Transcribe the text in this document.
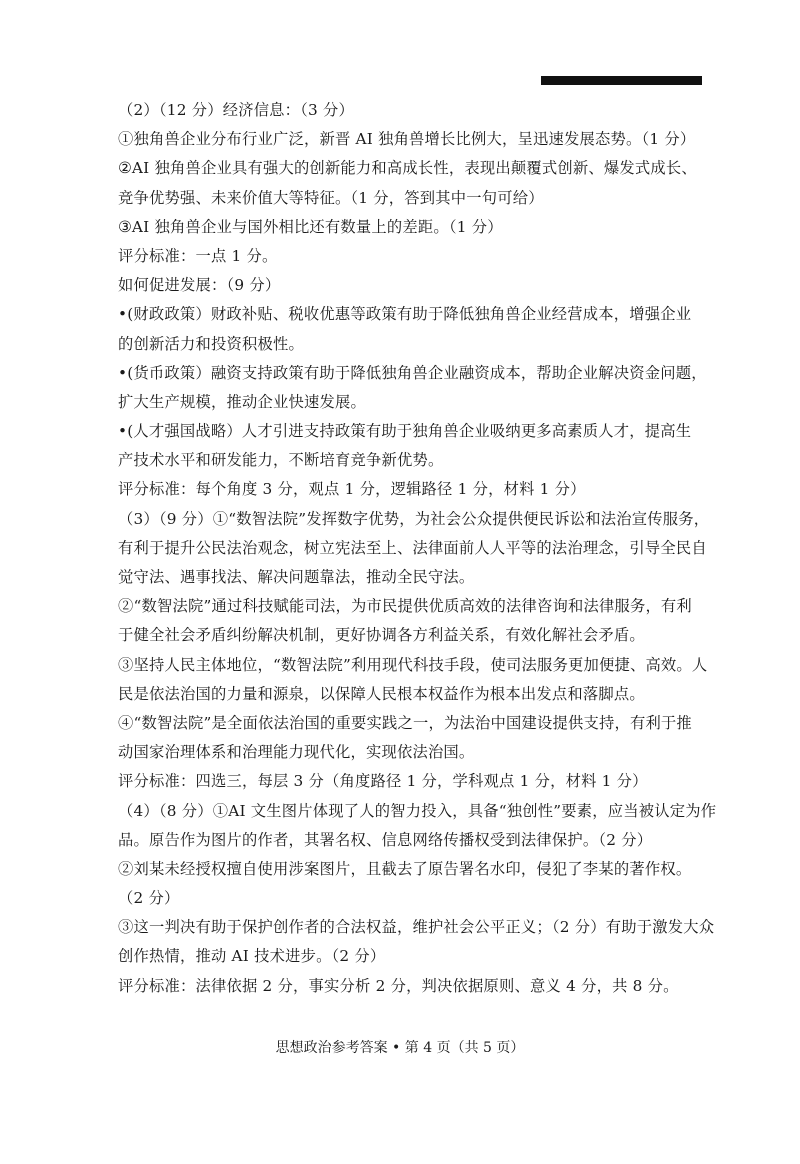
（2）（12 分）经济信息：（3 分）
①独角兽企业分布行业广泛，新晋 AI 独角兽增长比例大，呈迅速发展态势。（1 分）
②AI 独角兽企业具有强大的创新能力和高成长性，表现出颠覆式创新、爆发式成长、
竞争优势强、未来价值大等特征。（1 分，答到其中一句可给）
③AI 独角兽企业与国外相比还有数量上的差距。（1 分）
评分标准：一点 1 分。
如何促进发展：（9 分）
•(财政政策）财政补贴、税收优惠等政策有助于降低独角兽企业经营成本，增强企业
的创新活力和投资积极性。
•(货币政策）融资支持政策有助于降低独角兽企业融资成本，帮助企业解决资金问题，
扩大生产规模，推动企业快速发展。
•(人才强国战略）人才引进支持政策有助于独角兽企业吸纳更多高素质人才，提高生
产技术水平和研发能力，不断培育竞争新优势。
评分标准：每个角度 3 分，观点 1 分，逻辑路径 1 分，材料 1 分）
（3）（9 分）①“数智法院”发挥数字优势，为社会公众提供便民诉讼和法治宣传服务，
有利于提升公民法治观念，树立宪法至上、法律面前人人平等的法治理念，引导全民自
觉守法、遇事找法、解决问题靠法，推动全民守法。
②“数智法院”通过科技赋能司法，为市民提供优质高效的法律咨询和法律服务，有利
于健全社会矛盾纠纷解决机制，更好协调各方利益关系，有效化解社会矛盾。
③坚持人民主体地位，“数智法院”利用现代科技手段，使司法服务更加便捷、高效。人
民是依法治国的力量和源泉，以保障人民根本权益作为根本出发点和落脚点。
④“数智法院”是全面依法治国的重要实践之一，为法治中国建设提供支持，有利于推
动国家治理体系和治理能力现代化，实现依法治国。
评分标准：四选三，每层 3 分（角度路径 1 分，学科观点 1 分，材料 1 分）
（4）（8 分）①AI 文生图片体现了人的智力投入，具备“独创性”要素，应当被认定为作
品。原告作为图片的作者，其署名权、信息网络传播权受到法律保护。（2 分）
②刘某未经授权擅自使用涉案图片，且截去了原告署名水印，侵犯了李某的著作权。
（2 分）
③这一判决有助于保护创作者的合法权益，维护社会公平正义；（2 分）有助于激发大众
创作热情，推动 AI 技术进步。（2 分）
评分标准：法律依据 2 分，事实分析 2 分，判决依据原则、意义 4 分，共 8 分。
思想政治参考答案 • 第 4 页（共 5 页）
